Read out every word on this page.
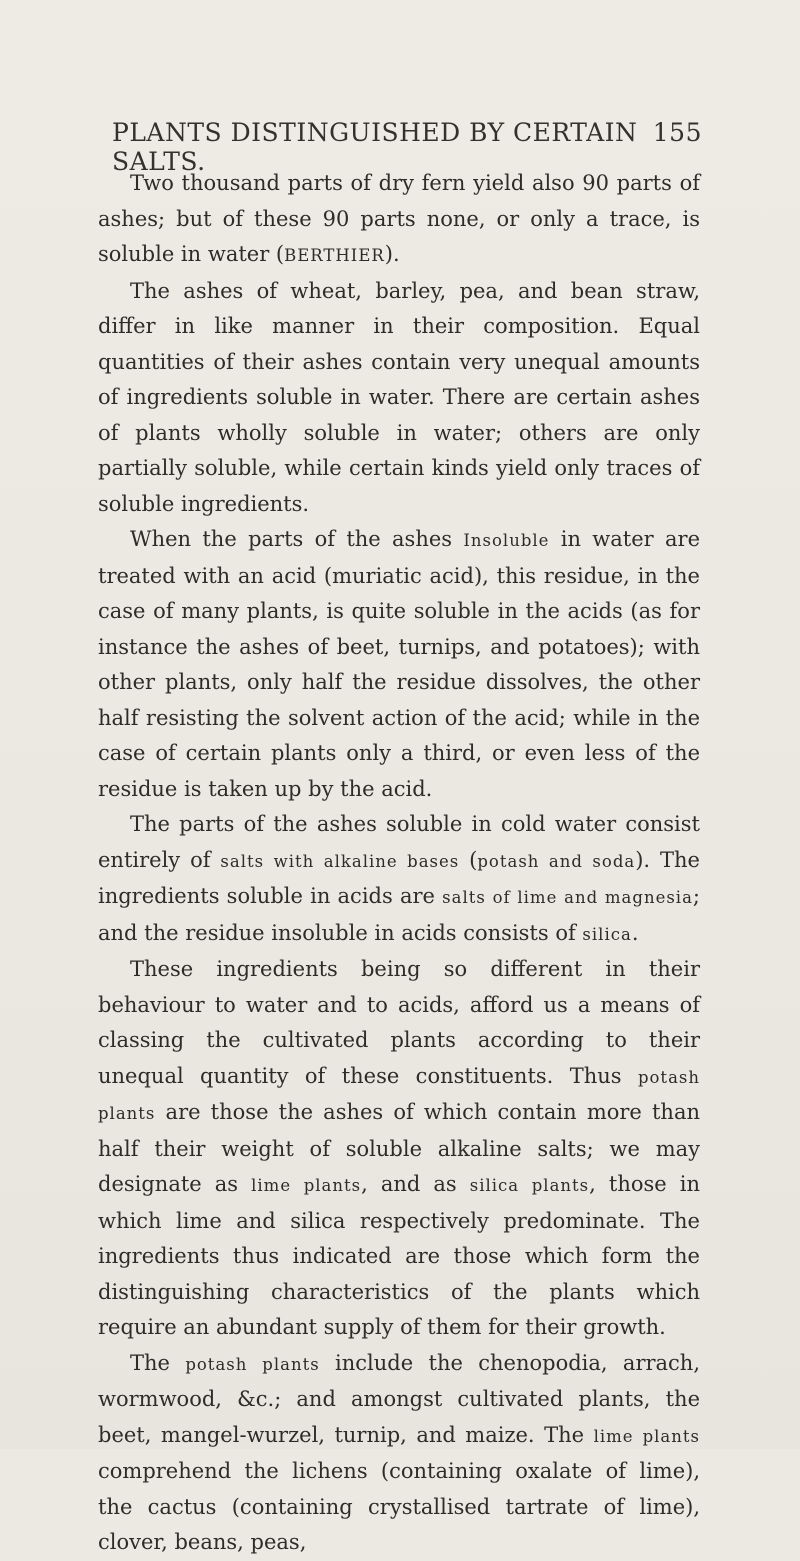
PLANTS DISTINGUISHED BY CERTAIN SALTS.
155

Two thousand parts of dry fern yield also 90 parts of ashes; but of these 90 parts none, or only a trace, is soluble in water (BERTHIER).

The ashes of wheat, barley, pea, and bean straw, differ in like manner in their composition. Equal quantities of their ashes contain very unequal amounts of ingredients soluble in water. There are certain ashes of plants wholly soluble in water; others are only partially soluble, while certain kinds yield only traces of soluble ingredients.

When the parts of the ashes Insoluble in water are treated with an acid (muriatic acid), this residue, in the case of many plants, is quite soluble in the acids (as for instance the ashes of beet, turnips, and potatoes); with other plants, only half the residue dissolves, the other half resisting the solvent action of the acid; while in the case of certain plants only a third, or even less of the residue is taken up by the acid.

The parts of the ashes soluble in cold water consist entirely of salts with alkaline bases (potash and soda). The ingredients soluble in acids are salts of lime and magnesia; and the residue insoluble in acids consists of silica.

These ingredients being so different in their behaviour to water and to acids, afford us a means of classing the cultivated plants according to their unequal quantity of these constituents. Thus potash plants are those the ashes of which contain more than half their weight of soluble alkaline salts; we may designate as lime plants, and as silica plants, those in which lime and silica respectively predominate. The ingredients thus indicated are those which form the distinguishing characteristics of the plants which require an abundant supply of them for their growth.

The potash plants include the chenopodia, arrach, wormwood, &c.; and amongst cultivated plants, the beet, mangel-wurzel, turnip, and maize. The lime plants comprehend the lichens (containing oxalate of lime), the cactus (containing crystallised tartrate of lime), clover, beans, peas,
